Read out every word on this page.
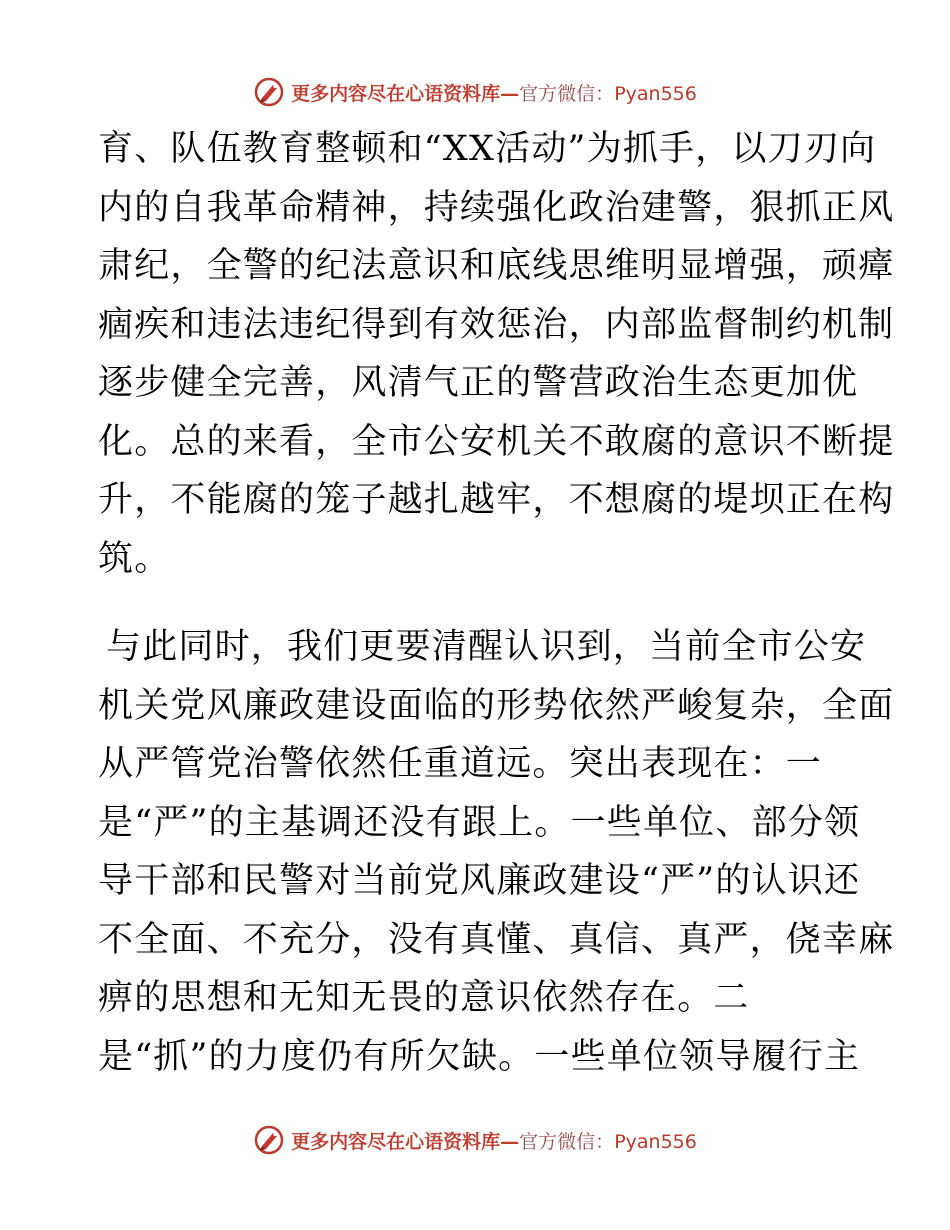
更多内容尽在心语资料库—官方微信：Pyan556
育、队伍教育整顿和“XX活动”为抓手，以刀刃向
内的自我革命精神，持续强化政治建警，狠抓正风
肃纪，全警的纪法意识和底线思维明显增强，顽瘴
痼疾和违法违纪得到有效惩治，内部监督制约机制
逐步健全完善，风清气正的警营政治生态更加优
化。总的来看，全市公安机关不敢腐的意识不断提
升，不能腐的笼子越扎越牢，不想腐的堤坝正在构
筑。
与此同时，我们更要清醒认识到，当前全市公安
机关党风廉政建设面临的形势依然严峻复杂，全面
从严管党治警依然任重道远。突出表现在：一
是“严”的主基调还没有跟上。一些单位、部分领
导干部和民警对当前党风廉政建设“严”的认识还
不全面、不充分，没有真懂、真信、真严，侥幸麻
痹的思想和无知无畏的意识依然存在。二
是“抓”的力度仍有所欠缺。一些单位领导履行主
更多内容尽在心语资料库—官方微信：Pyan556
